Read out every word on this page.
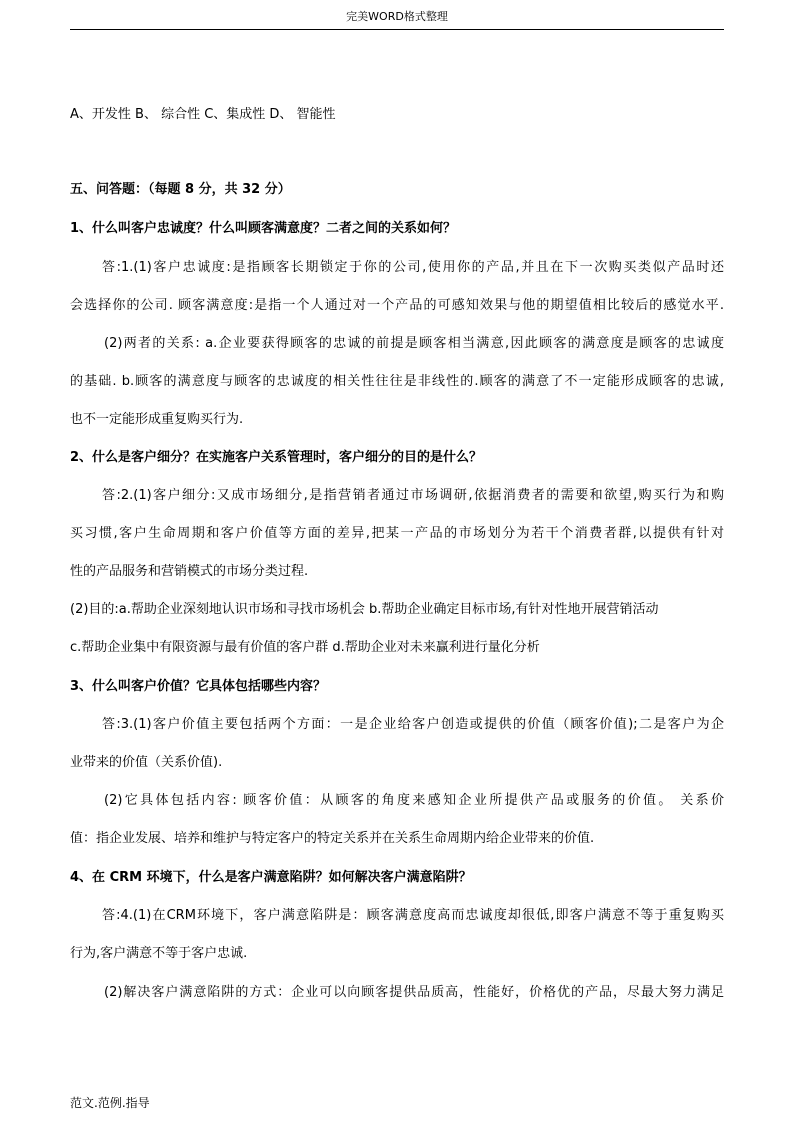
完美WORD格式整理
A、开发性 B、 综合性 C、集成性 D、 智能性
五、问答题：（每题 8 分，共 32 分）
1、什么叫客户忠诚度？什么叫顾客满意度？二者之间的关系如何？
答:1.(1)客户忠诚度:是指顾客长期锁定于你的公司,使用你的产品,并且在下一次购买类似产品时还
会选择你的公司. 顾客满意度:是指一个人通过对一个产品的可感知效果与他的期望值相比较后的感觉水平.
(2)两者的关系: a.企业要获得顾客的忠诚的前提是顾客相当满意,因此顾客的满意度是顾客的忠诚度
的基础. b.顾客的满意度与顾客的忠诚度的相关性往往是非线性的.顾客的满意了不一定能形成顾客的忠诚,
也不一定能形成重复购买行为.
2、什么是客户细分？在实施客户关系管理时，客户细分的目的是什么？
答:2.(1)客户细分:又成市场细分,是指营销者通过市场调研,依据消费者的需要和欲望,购买行为和购
买习惯,客户生命周期和客户价值等方面的差异,把某一产品的市场划分为若干个消费者群,以提供有针对
性的产品服务和营销模式的市场分类过程.
(2)目的:a.帮助企业深刻地认识市场和寻找市场机会 b.帮助企业确定目标市场,有针对性地开展营销活动
c.帮助企业集中有限资源与最有价值的客户群 d.帮助企业对未来赢利进行量化分析
3、什么叫客户价值？它具体包括哪些内容？
答:3.(1)客户价值主要包括两个方面：一是企业给客户创造或提供的价值（顾客价值);二是客户为企
业带来的价值（关系价值).
(2)它具体包括内容: 顾客价值：从顾客的角度来感知企业所提供产品或服务的价值。 关系价
值：指企业发展、培养和维护与特定客户的特定关系并在关系生命周期内给企业带来的价值.
4、在 CRM 环境下，什么是客户满意陷阱？如何解决客户满意陷阱？
答:4.(1)在CRM环境下，客户满意陷阱是：顾客满意度高而忠诚度却很低,即客户满意不等于重复购买
行为,客户满意不等于客户忠诚.
(2)解决客户满意陷阱的方式：企业可以向顾客提供品质高，性能好，价格优的产品，尽最大努力满足
范文.范例.指导
